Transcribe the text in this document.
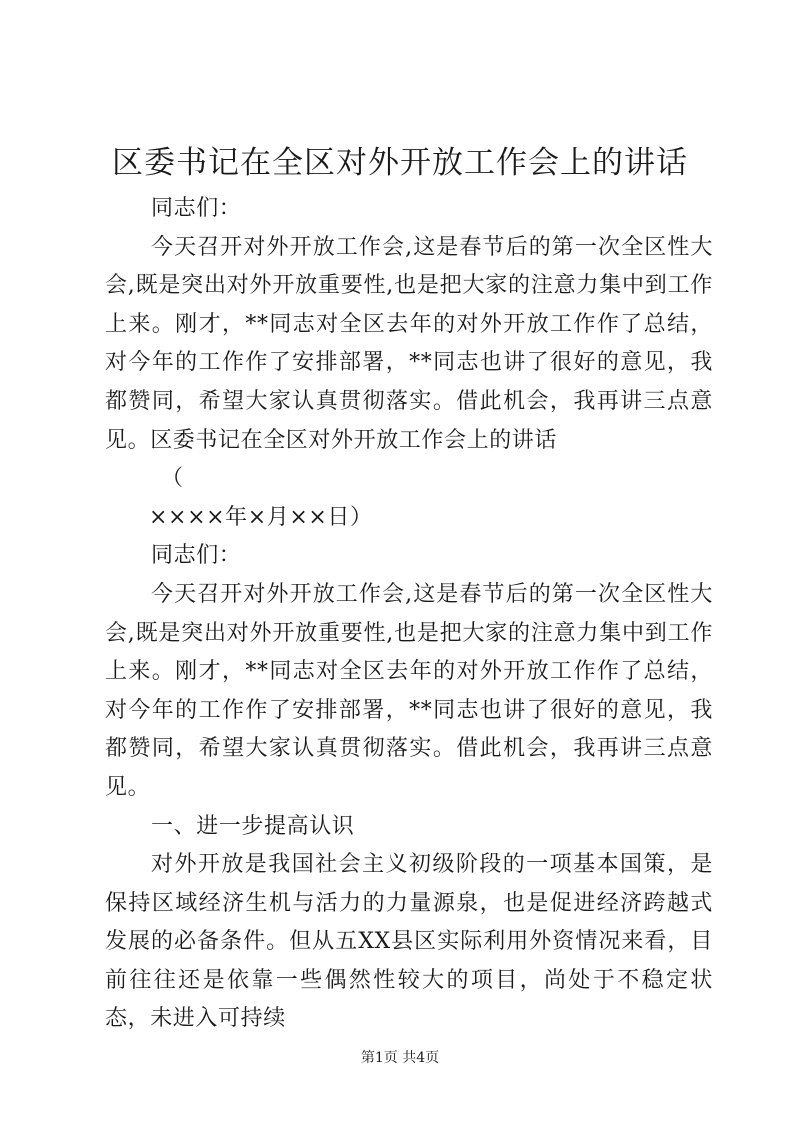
区委书记在全区对外开放工作会上的讲话

同志们：

今天召开对外开放工作会,这是春节后的第一次全区性大会,既是突出对外开放重要性,也是把大家的注意力集中到工作上来。刚才，**同志对全区去年的对外开放工作作了总结，对今年的工作作了安排部署，**同志也讲了很好的意见，我都赞同，希望大家认真贯彻落实。借此机会，我再讲三点意见。区委书记在全区对外开放工作会上的讲话

（

××××年×月××日）

同志们：

今天召开对外开放工作会,这是春节后的第一次全区性大会,既是突出对外开放重要性,也是把大家的注意力集中到工作上来。刚才，**同志对全区去年的对外开放工作作了总结，对今年的工作作了安排部署，**同志也讲了很好的意见，我都赞同，希望大家认真贯彻落实。借此机会，我再讲三点意见。

一、进一步提高认识

对外开放是我国社会主义初级阶段的一项基本国策，是保持区域经济生机与活力的力量源泉，也是促进经济跨越式发展的必备条件。但从五XX县区实际利用外资情况来看，目前往往还是依靠一些偶然性较大的项目，尚处于不稳定状态，未进入可持续

第1页 共4页
